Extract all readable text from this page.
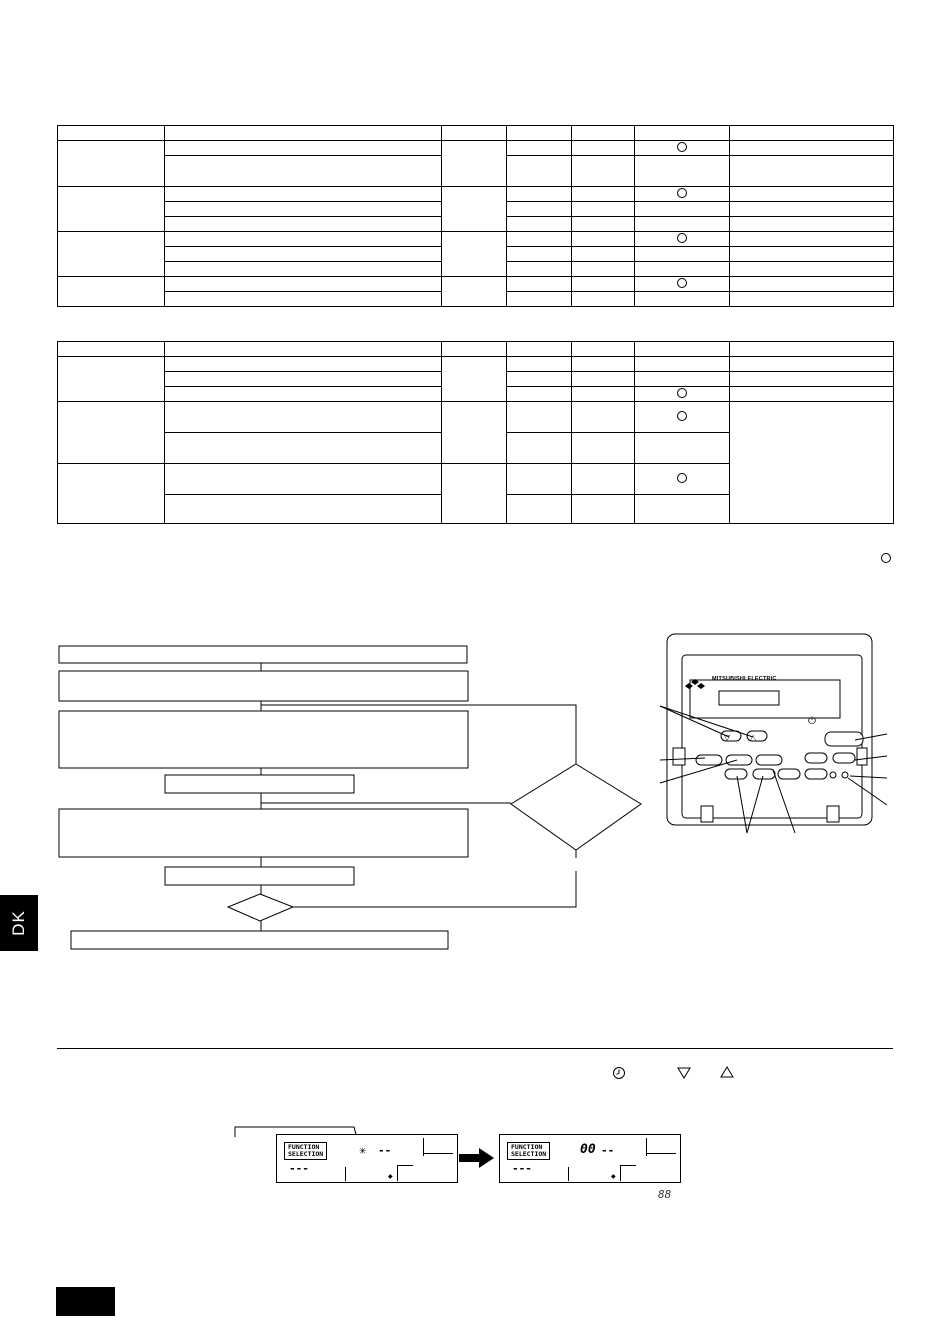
MITSUBISHI ELECTRIC
▽ △
⏻
FUNCTION
SELECTION
---
--
✳
◆
FUNCTION
SELECTION
---
00 --
◆
88
DK
